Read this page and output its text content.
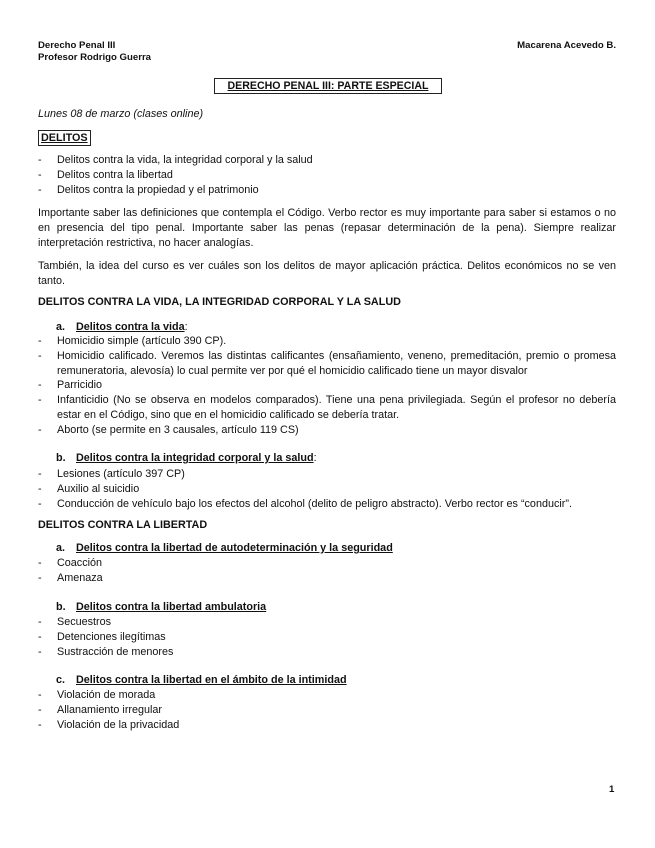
Derecho Penal III
Profesor Rodrigo Guerra
Macarena Acevedo B.
DERECHO PENAL III: PARTE ESPECIAL
Lunes 08 de marzo (clases online)
DELITOS
- Delitos contra la vida, la integridad corporal y la salud
- Delitos contra la libertad
- Delitos contra la propiedad y el patrimonio

Importante saber las definiciones que contempla el Código. Verbo rector es muy importante para saber si estamos o no en presencia del tipo penal. Importante saber las penas (repasar determinación de la pena). Siempre realizar interpretación restrictiva, no hacer analogías.

También, la idea del curso es ver cuáles son los delitos de mayor aplicación práctica. Delitos económicos no se ven tanto.

DELITOS CONTRA LA VIDA, LA INTEGRIDAD CORPORAL Y LA SALUD
a. Delitos contra la vida:
- Homicidio simple (artículo 390 CP).
- Homicidio calificado. Veremos las distintas calificantes (ensañamiento, veneno, premeditación, premio o promesa remuneratoria, alevosía) lo cual permite ver por qué el homicidio calificado tiene un mayor disvalor
- Parricidio
- Infanticidio (No se observa en modelos comparados). Tiene una pena privilegiada. Según el profesor no debería estar en el Código, sino que en el homicidio calificado se debería tratar.
- Aborto (se permite en 3 causales, artículo 119 CS)
b. Delitos contra la integridad corporal y la salud:
- Lesiones (artículo 397 CP)
- Auxilio al suicidio
- Conducción de vehículo bajo los efectos del alcohol (delito de peligro abstracto). Verbo rector es “conducir”.
DELITOS CONTRA LA LIBERTAD
a. Delitos contra la libertad de autodeterminación y la seguridad
- Coacción
- Amenaza
b. Delitos contra la libertad ambulatoria
- Secuestros
- Detenciones ilegítimas
- Sustracción de menores
c. Delitos contra la libertad en el ámbito de la intimidad
- Violación de morada
- Allanamiento irregular
- Violación de la privacidad
1
